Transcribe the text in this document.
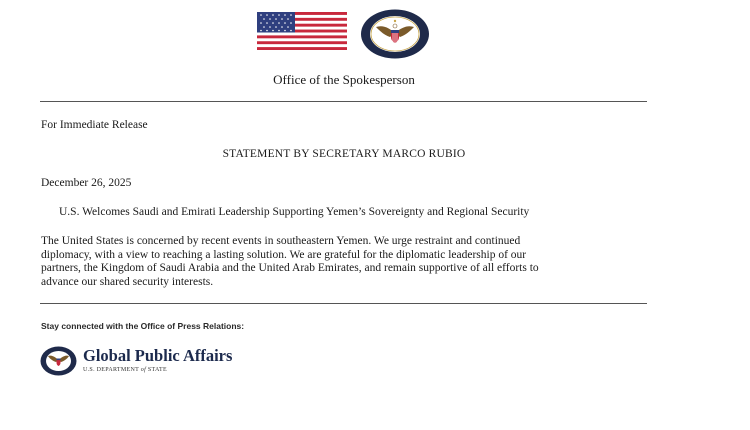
Office of the Spokesperson
For Immediate Release
STATEMENT BY SECRETARY MARCO RUBIO
December 26, 2025
U.S. Welcomes Saudi and Emirati Leadership Supporting Yemen’s Sovereignty and Regional Security
The United States is concerned by recent events in southeastern Yemen. We urge restraint and continued
diplomacy, with a view to reaching a lasting solution. We are grateful for the diplomatic leadership of our
partners, the Kingdom of Saudi Arabia and the United Arab Emirates, and remain supportive of all efforts to
advance our shared security interests.
Stay connected with the Office of Press Relations:
Global Public Affairs
U.S. DEPARTMENT of STATE
